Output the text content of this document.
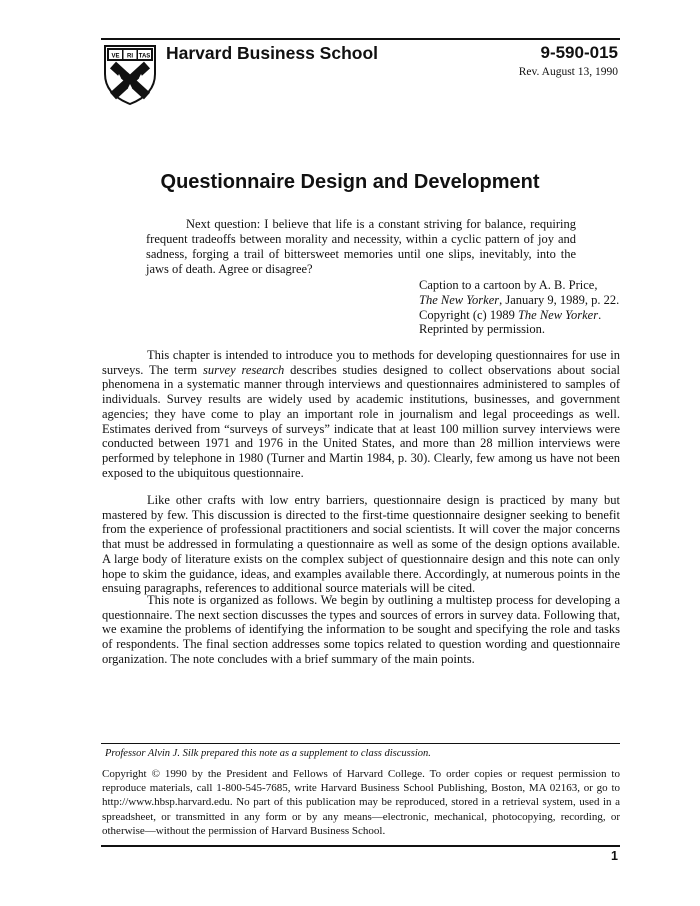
VE RI TAS Harvard Business School	9-590-015
Rev. August 13, 1990
Questionnaire Design and Development
Next question: I believe that life is a constant striving for balance, requiring frequent tradeoffs between morality and necessity, within a cyclic pattern of joy and sadness, forging a trail of bittersweet memories until one slips, inevitably, into the jaws of death. Agree or disagree?
Caption to a cartoon by A. B. Price,
The New Yorker, January 9, 1989, p. 22.
Copyright (c) 1989 The New Yorker.
Reprinted by permission.
This chapter is intended to introduce you to methods for developing questionnaires for use in surveys. The term survey research describes studies designed to collect observations about social phenomena in a systematic manner through interviews and questionnaires administered to samples of individuals. Survey results are widely used by academic institutions, businesses, and government agencies; they have come to play an important role in journalism and legal proceedings as well. Estimates derived from “surveys of surveys” indicate that at least 100 million survey interviews were conducted between 1971 and 1976 in the United States, and more than 28 million interviews were performed by telephone in 1980 (Turner and Martin 1984, p. 30). Clearly, few among us have not been exposed to the ubiquitous questionnaire.
Like other crafts with low entry barriers, questionnaire design is practiced by many but mastered by few. This discussion is directed to the first-time questionnaire designer seeking to benefit from the experience of professional practitioners and social scientists. It will cover the major concerns that must be addressed in formulating a questionnaire as well as some of the design options available. A large body of literature exists on the complex subject of questionnaire design and this note can only hope to skim the guidance, ideas, and examples available there. Accordingly, at numerous points in the ensuing paragraphs, references to additional source materials will be cited.
This note is organized as follows. We begin by outlining a multistep process for developing a questionnaire. The next section discusses the types and sources of errors in survey data. Following that, we examine the problems of identifying the information to be sought and specifying the role and tasks of respondents. The final section addresses some topics related to question wording and questionnaire organization. The note concludes with a brief summary of the main points.
Professor Alvin J. Silk prepared this note as a supplement to class discussion.
Copyright © 1990 by the President and Fellows of Harvard College. To order copies or request permission to reproduce materials, call 1-800-545-7685, write Harvard Business School Publishing, Boston, MA 02163, or go to http://www.hbsp.harvard.edu. No part of this publication may be reproduced, stored in a retrieval system, used in a spreadsheet, or transmitted in any form or by any means—electronic, mechanical, photocopying, recording, or otherwise—without the permission of Harvard Business School.
1
